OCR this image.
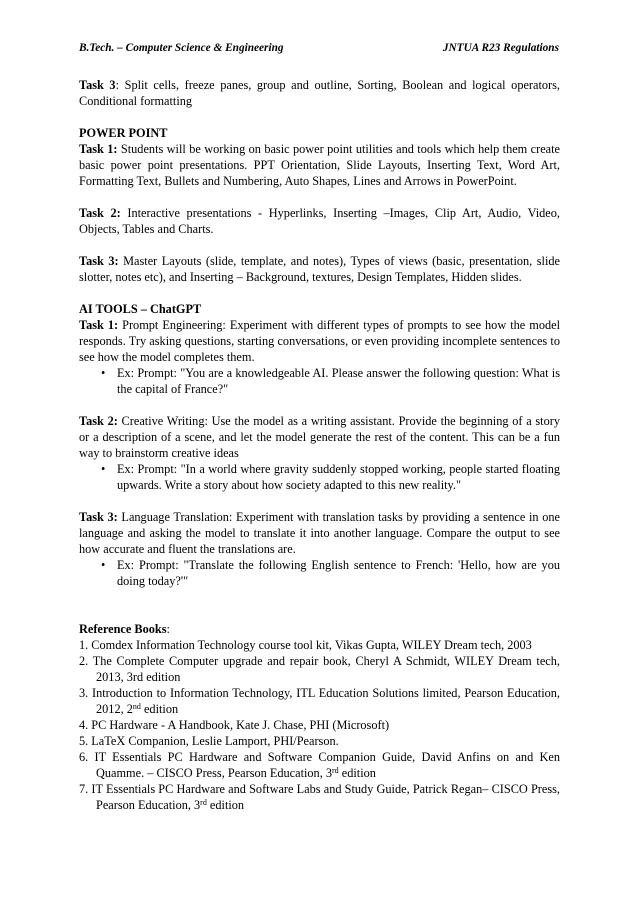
B.Tech. – Computer Science & Engineering	JNTUA R23 Regulations

Task 3: Split cells, freeze panes, group and outline, Sorting, Boolean and logical operators, Conditional formatting

POWER POINT

Task 1: Students will be working on basic power point utilities and tools which help them create basic power point presentations. PPT Orientation, Slide Layouts, Inserting Text, Word Art, Formatting Text, Bullets and Numbering, Auto Shapes, Lines and Arrows in PowerPoint.

Task 2: Interactive presentations - Hyperlinks, Inserting –Images, Clip Art, Audio, Video, Objects, Tables and Charts.

Task 3: Master Layouts (slide, template, and notes), Types of views (basic, presentation, slide slotter, notes etc), and Inserting – Background, textures, Design Templates, Hidden slides.

AI TOOLS – ChatGPT

Task 1: Prompt Engineering: Experiment with different types of prompts to see how the model responds. Try asking questions, starting conversations, or even providing incomplete sentences to see how the model completes them.

• Ex: Prompt: "You are a knowledgeable AI. Please answer the following question: What is the capital of France?"

Task 2: Creative Writing: Use the model as a writing assistant. Provide the beginning of a story or a description of a scene, and let the model generate the rest of the content. This can be a fun way to brainstorm creative ideas

• Ex: Prompt: "In a world where gravity suddenly stopped working, people started floating upwards. Write a story about how society adapted to this new reality."

Task 3: Language Translation: Experiment with translation tasks by providing a sentence in one language and asking the model to translate it into another language. Compare the output to see how accurate and fluent the translations are.

• Ex: Prompt: "Translate the following English sentence to French: 'Hello, how are you doing today?'"

Reference Books:

1. Comdex Information Technology course tool kit, Vikas Gupta, WILEY Dream tech, 2003
2. The Complete Computer upgrade and repair book, Cheryl A Schmidt, WILEY Dream tech, 2013, 3rd edition
3. Introduction to Information Technology, ITL Education Solutions limited, Pearson Education, 2012, 2nd edition
4. PC Hardware - A Handbook, Kate J. Chase, PHI (Microsoft)
5. LaTeX Companion, Leslie Lamport, PHI/Pearson.
6. IT Essentials PC Hardware and Software Companion Guide, David Anfins on and Ken Quamme. – CISCO Press, Pearson Education, 3rd edition
7. IT Essentials PC Hardware and Software Labs and Study Guide, Patrick Regan– CISCO Press, Pearson Education, 3rd edition
